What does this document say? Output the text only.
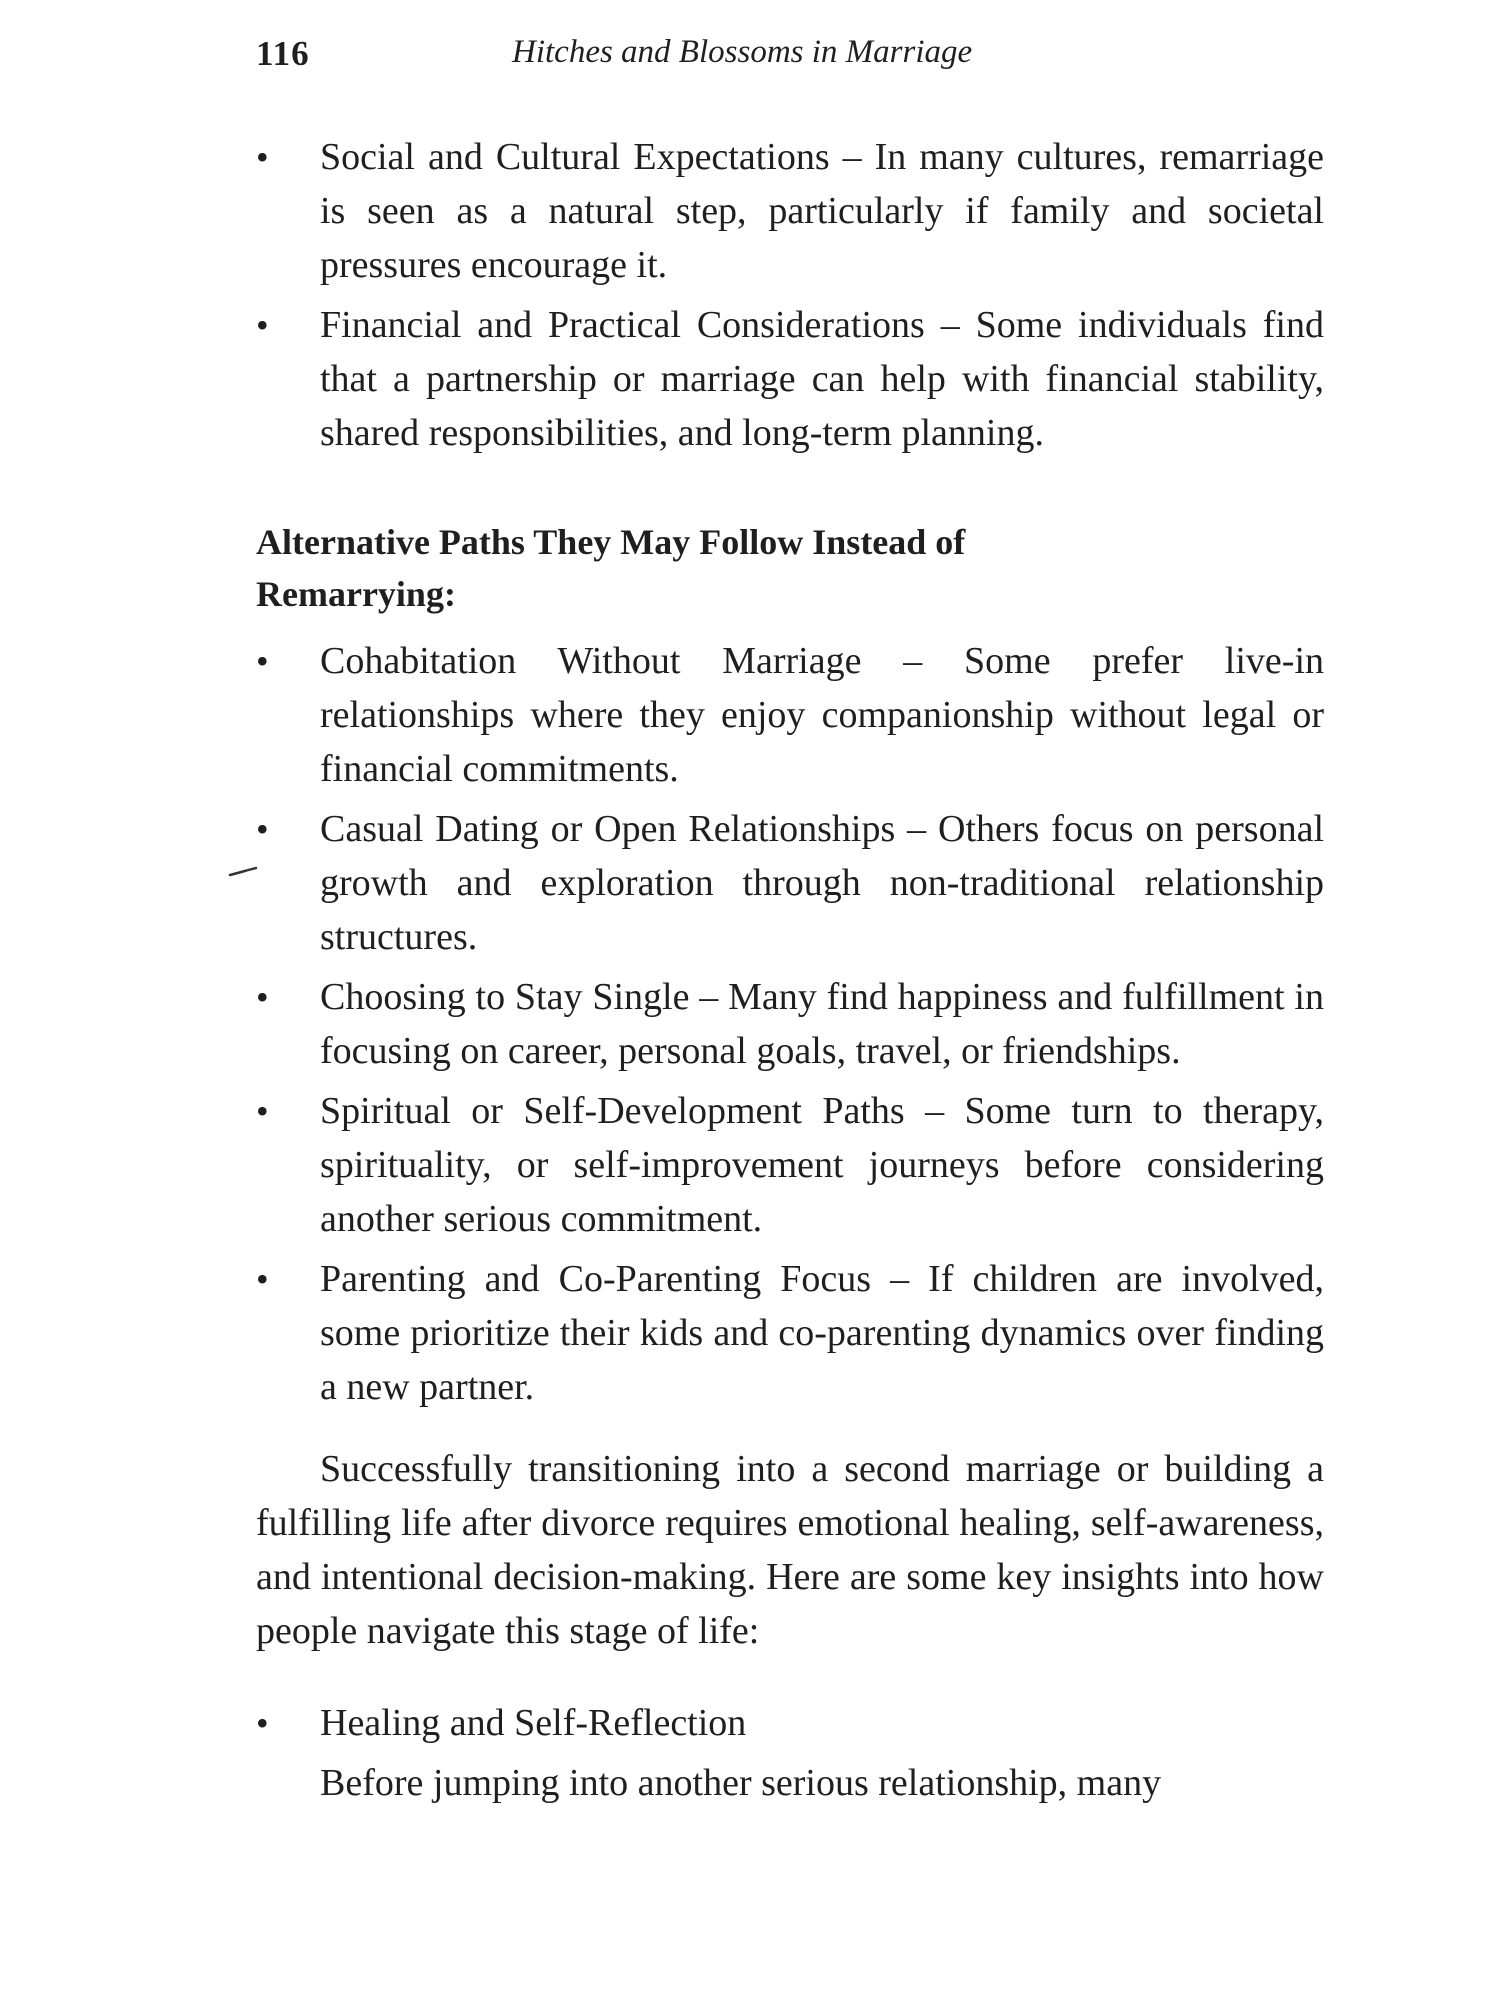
116	Hitches and Blossoms in Marriage
• Social and Cultural Expectations – In many cultures, remarriage is seen as a natural step, particularly if family and societal pressures encourage it.
• Financial and Practical Considerations – Some individuals find that a partnership or marriage can help with financial stability, shared responsibilities, and long-term planning.
Alternative Paths They May Follow Instead of Remarrying:
• Cohabitation Without Marriage – Some prefer live-in relationships where they enjoy companionship without legal or financial commitments.
• Casual Dating or Open Relationships – Others focus on personal growth and exploration through non-traditional relationship structures.
• Choosing to Stay Single – Many find happiness and fulfillment in focusing on career, personal goals, travel, or friendships.
• Spiritual or Self-Development Paths – Some turn to therapy, spirituality, or self-improvement journeys before considering another serious commitment.
• Parenting and Co-Parenting Focus – If children are involved, some prioritize their kids and co-parenting dynamics over finding a new partner.

Successfully transitioning into a second marriage or building a fulfilling life after divorce requires emotional healing, self-awareness, and intentional decision-making. Here are some key insights into how people navigate this stage of life:

• Healing and Self-Reflection
Before jumping into another serious relationship, many
